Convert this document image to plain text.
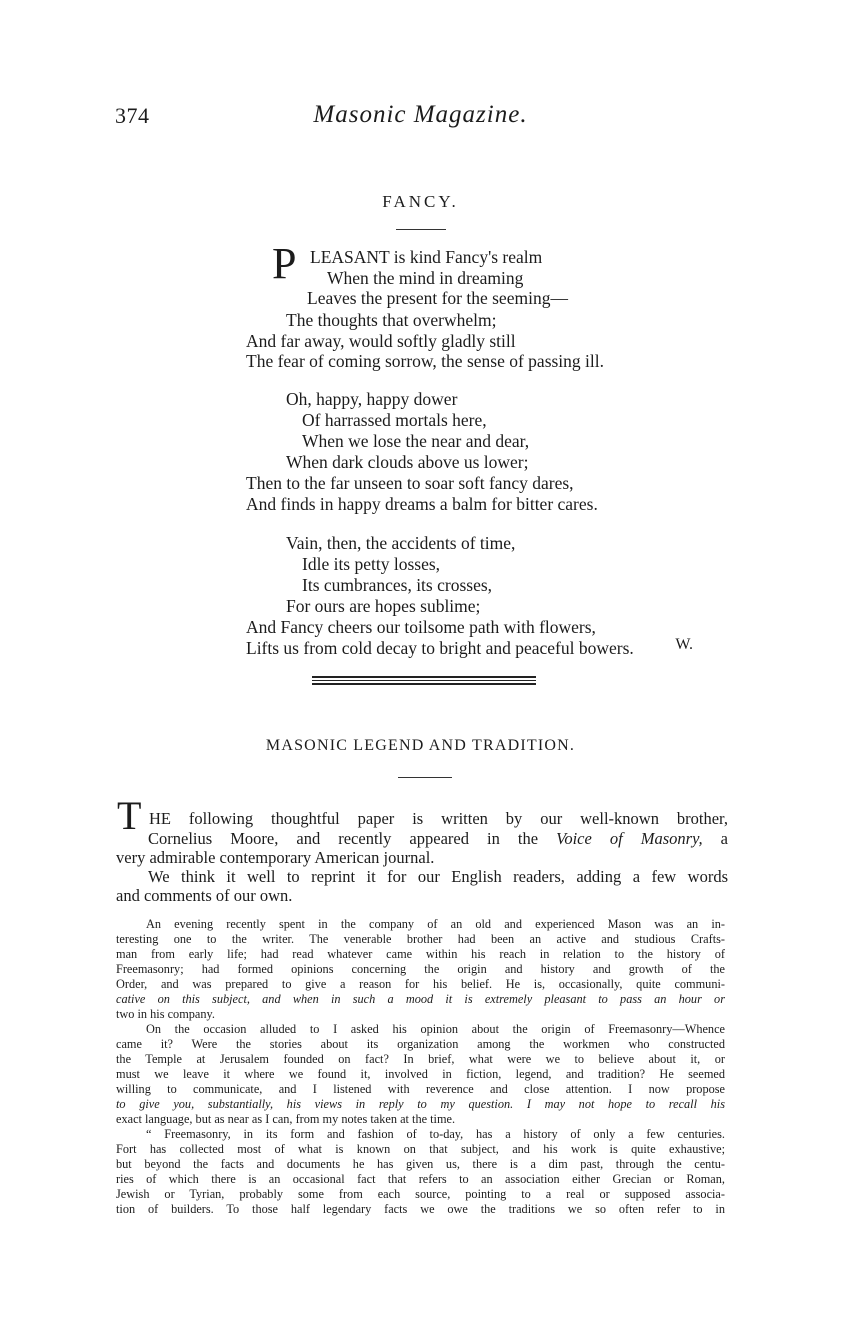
374	Masonic Magazine.
FANCY.
P LEASANT is kind Fancy's realm
When the mind in dreaming
Leaves the present for the seeming—
The thoughts that overwhelm;
And far away, would softly gladly still
The fear of coming sorrow, the sense of passing ill.
Oh, happy, happy dower
Of harrassed mortals here,
When we lose the near and dear,
When dark clouds above us lower;
Then to the far unseen to soar soft fancy dares,
And finds in happy dreams a balm for bitter cares.
Vain, then, the accidents of time,
Idle its petty losses,
Its cumbrances, its crosses,
For ours are hopes sublime;
And Fancy cheers our toilsome path with flowers,
Lifts us from cold decay to bright and peaceful bowers.	W.
MASONIC LEGEND AND TRADITION.
T HE following thoughtful paper is written by our well-known brother,
Cornelius Moore, and recently appeared in the Voice of Masonry, a
very admirable contemporary American journal.
We think it well to reprint it for our English readers, adding a few words
and comments of our own.
An evening recently spent in the company of an old and experienced Mason was an in-
teresting one to the writer. The venerable brother had been an active and studious Crafts-
man from early life; had read whatever came within his reach in relation to the history of
Freemasonry; had formed opinions concerning the origin and history and growth of the
Order, and was prepared to give a reason for his belief. He is, occasionally, quite communi-
cative on this subject, and when in such a mood it is extremely pleasant to pass an hour or
two in his company.
On the occasion alluded to I asked his opinion about the origin of Freemasonry—Whence
came it? Were the stories about its organization among the workmen who constructed
the Temple at Jerusalem founded on fact? In brief, what were we to believe about it, or
must we leave it where we found it, involved in fiction, legend, and tradition? He seemed
willing to communicate, and I listened with reverence and close attention. I now propose
to give you, substantially, his views in reply to my question. I may not hope to recall his
exact language, but as near as I can, from my notes taken at the time.
“ Freemasonry, in its form and fashion of to-day, has a history of only a few centuries.
Fort has collected most of what is known on that subject, and his work is quite exhaustive;
but beyond the facts and documents he has given us, there is a dim past, through the centu-
ries of which there is an occasional fact that refers to an association either Grecian or Roman,
Jewish or Tyrian, probably some from each source, pointing to a real or supposed associa-
tion of builders. To those half legendary facts we owe the traditions we so often refer to in
